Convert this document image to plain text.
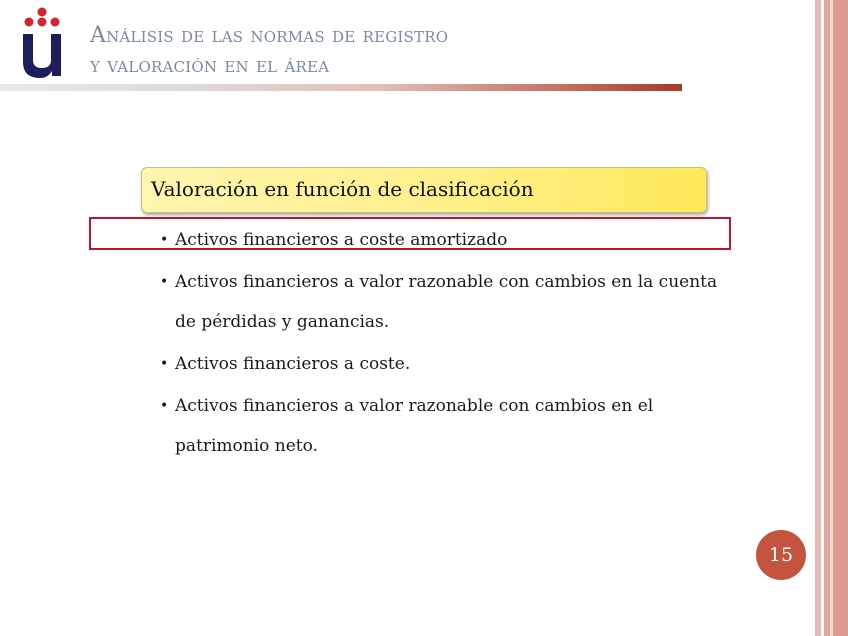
Análisis de las normas de registro
y valoración en el área
Valoración en función de clasificación
• Activos financieros a coste amortizado
• Activos financieros a valor razonable con cambios en la cuenta de pérdidas y ganancias.
• Activos financieros a coste.
• Activos financieros a valor razonable con cambios en el patrimonio neto.
15
